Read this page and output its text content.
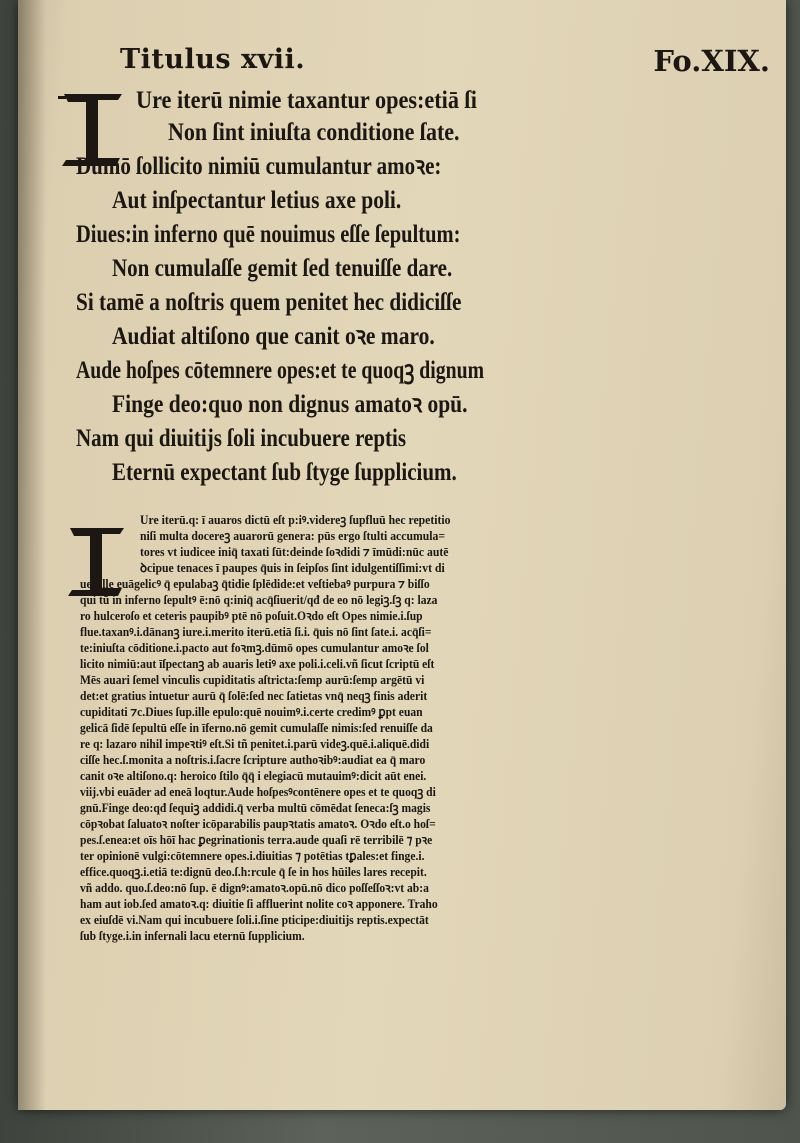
Titulus xvii.	Fo.XIX.
Ure iterū nimie taxantur opes:etiā ſi
Non ſint iniuſta conditione ſate.
Dūmō ſollicito nimiū cumulantur amoꝛe:
Aut inſpectantur letius axe poli.
Diues:in inferno quē nouimus eſſe ſepultum:
Non cumulaſſe gemit ſed tenuiſſe dare.
Si tamē a noſtris quem penitet hec didiciſſe
Audiat altiſono que canit oꝛe maro.
Aude hoſpes cōtemnere opes:et te quoqꝫ dignum
Finge deo:quo non dignus amatoꝛ opū.
Nam qui diuitijs ſoli incubuere reptis
Eternū expectant ſub ſtyge ſupplicium.
Ure iterū.q: ī auaros dictū eſt p:iꝰ.videreꝫ ſupfluū hec repetitio
niſi multa docereꝫ auarorū genera: pūs ergo ſtulti accumula=
tores vt iudicee iniq̄ taxati ſūt:deinde ſoꝛdidi ⁊ īmūdi:nūc autē
ꝺcipue tenaces ī paupes q̄uis in ſeipſos ſint idulgentiſſimi:vt di
ues ille euāgelicꝰ q̄ epulabaꝫ q̄tidie ſplēdide:et veſtiebaꝰ purpura ⁊ biſſo
qui tū in inferno ſepultꝰ ē:nō q:iniq̄ acq̄ſiuerit/qđ de eo nō legiꝫ.ſꝫ q: laza
ro hulceroſo et ceteris paupibꝰ ptē nō poſuit.Oꝛdo eſt Opes nimie.i.ſup
flue.taxanꝰ.i.dānanꝫ iure.i.merito iterū.etiā ſi.i. q̄uis nō ſint ſate.i. acq̄ſi=
te:iniuſta cōditione.i.pacto aut foꝛmꝫ.dūmō opes cumulantur amoꝛe ſol
licito nimiū:aut īſpectanꝫ ab auaris letiꝰ axe poli.i.celi.vñ ſicut ſcriptū eſt
Mēs auari ſemel vinculis cupiditatis aſtricta:ſemp aurū:ſemp argētū vi
det:et gratius intuetur aurū q̄ ſolē:ſed nec ſatietas vnq̄ neqꝫ finis aderit
cupiditati ⁊c.Diues ſup.ille epulo:quē nouimꝰ.i.certe credimꝰ ꝑpt euan
gelicā ſidē ſepultū eſſe in īferno.nō gemit cumulaſſe nimis:ſed renuiſſe da
re q: lazaro nihil impeꝛtiꝰ eſt.Si tñ penitet.i.parū videꝫ.quē.i.aliquē.didi
ciſſe hec.ſ.monita a noſtris.i.ſacre ſcripture authoꝛibꝰ:audiat ea q̄ maro
canit oꝛe altiſono.q: heroico ſtilo q̄q̄ i elegiacū mutauimꝰ:dicit aūt enei.
viij.vbi euāder ad eneā loqtur.Aude hoſpesꝰcontēnere opes et te quoqꝫ di
gnū.Finge deo:qđ ſequiꝫ addidi.q̄ verba multū cōmēdat ſeneca:ſꝫ magis
cōpꝛobat ſaluatoꝛ noſter icōparabilis paupꝛtatis amatoꝛ. Oꝛdo eſt.o hoſ=
pes.ſ.enea:et oīs hōī hac ꝑegrinationis terra.aude quaſi rē terribilē ⁊ pꝛe
ter opinionē vulgi:cōtemnere opes.i.diuitias ⁊ potētias tꝑales:et finge.i.
effice.quoqꝫ.i.etiā te:dignū deo.ſ.h:rcule q̄ ſe in hos hūiles lares recepit.
vñ addo. quo.ſ.deo:nō ſup. ē dignꝰ:amatoꝛ.opū.nō dico poſſeſſoꝛ:vt ab:a
ham aut iob.ſed amatoꝛ.q: diuitie ſi affluerint nolite coꝛ apponere. Traho
ex eiuſdē vi.Nam qui incubuere ſoli.i.ſine pticipe:diuitijs reptis.expectāt
ſub ſtyge.i.in infernali lacu eternū ſupplicium.
